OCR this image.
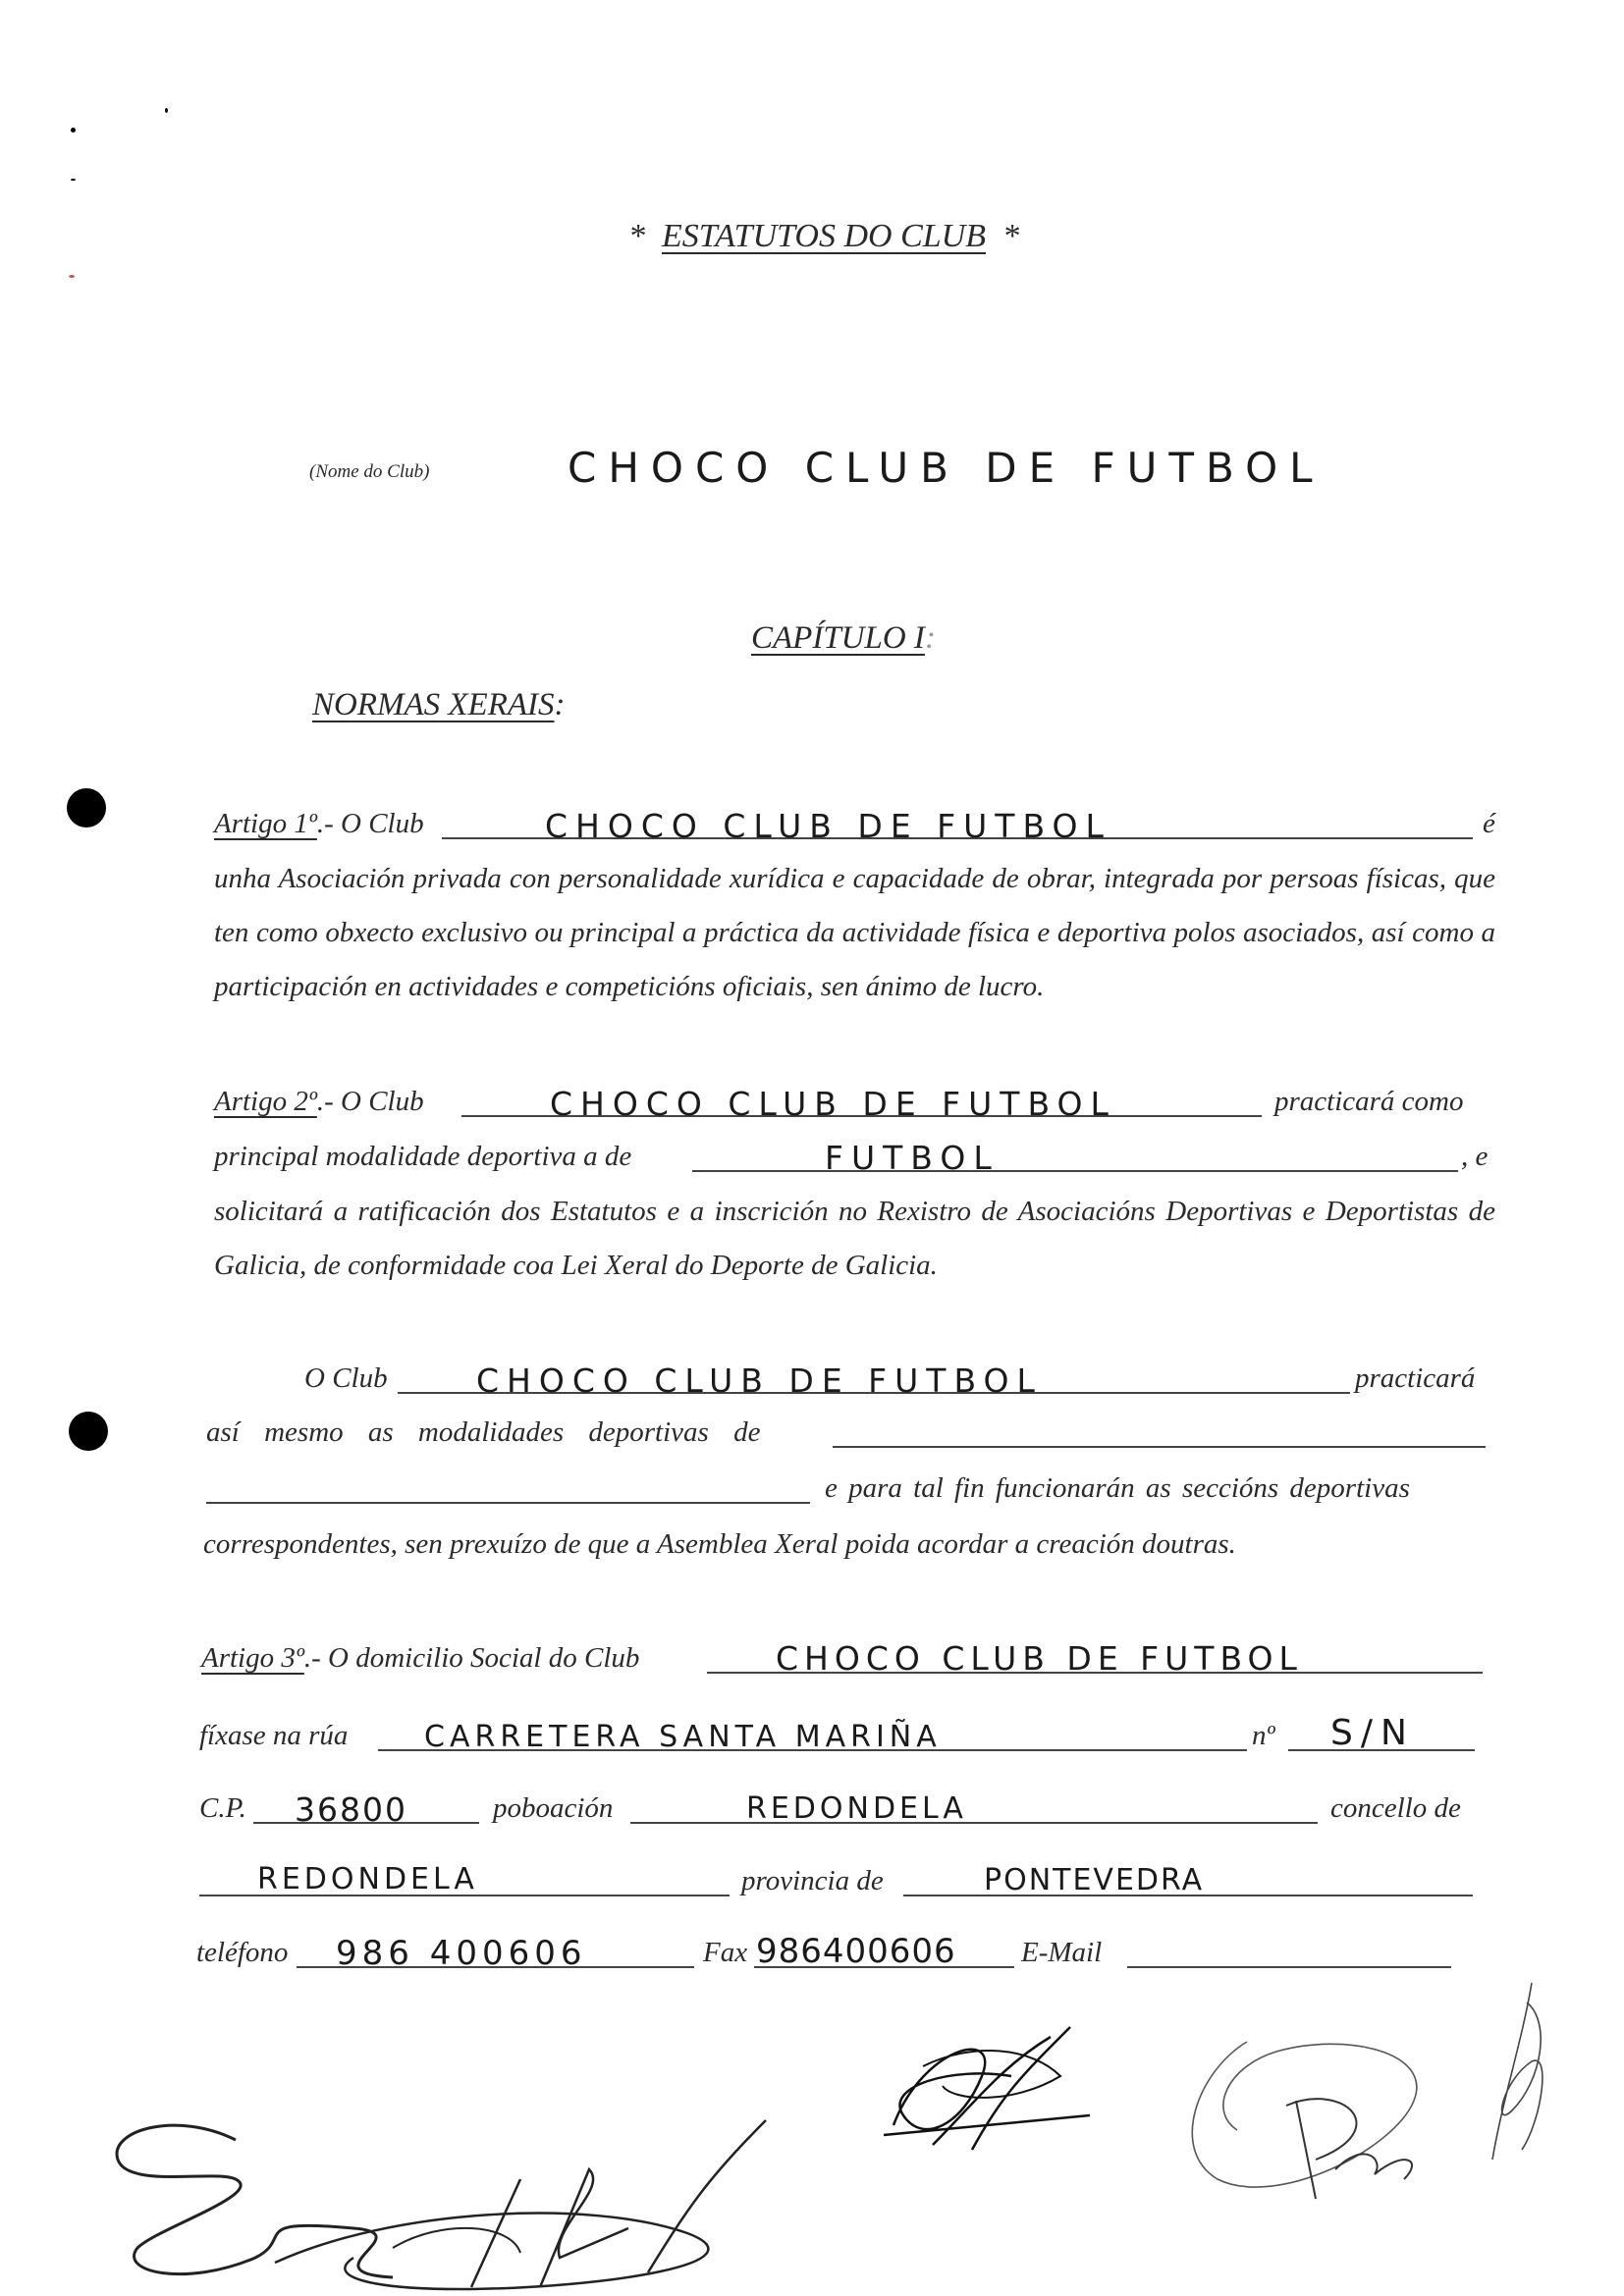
* ESTATUTOS DO CLUB *
(Nome do Club)	CHOCO CLUB DE FUTBOL
CAPÍTULO I:
NORMAS XERAIS:
Artigo 1º.- O Club	CHOCO CLUB DE FUTBOL	é
unha Asociación privada con personalidade xurídica e capacidade de obrar, integrada por persoas físicas, que ten como obxecto exclusivo ou principal a práctica da actividade física e deportiva polos asociados, así como a participación en actividades e competicións oficiais, sen ánimo de lucro.
Artigo 2º.- O Club	CHOCO CLUB DE FUTBOL	practicará como
principal modalidade deportiva a de	FUTBOL	, e
solicitará a ratificación dos Estatutos e a inscrición no Rexistro de Asociacións Deportivas e Deportistas de Galicia, de conformidade coa Lei Xeral do Deporte de Galicia.
O Club	CHOCO CLUB DE FUTBOL	practicará
así mesmo as modalidades deportivas de
e para tal fin funcionarán as seccións deportivas
correspondentes, sen prexuízo de que a Asemblea Xeral poida acordar a creación doutras.
Artigo 3º.- O domicilio Social do Club	CHOCO CLUB DE FUTBOL
fíxase na rúa	CARRETERA SANTA MARIÑA	nº S/N
C.P. 36800	poboación	REDONDELA	concello de
REDONDELA	provincia de	PONTEVEDRA
teléfono 986 400606	Fax 986400606 E-Mail
